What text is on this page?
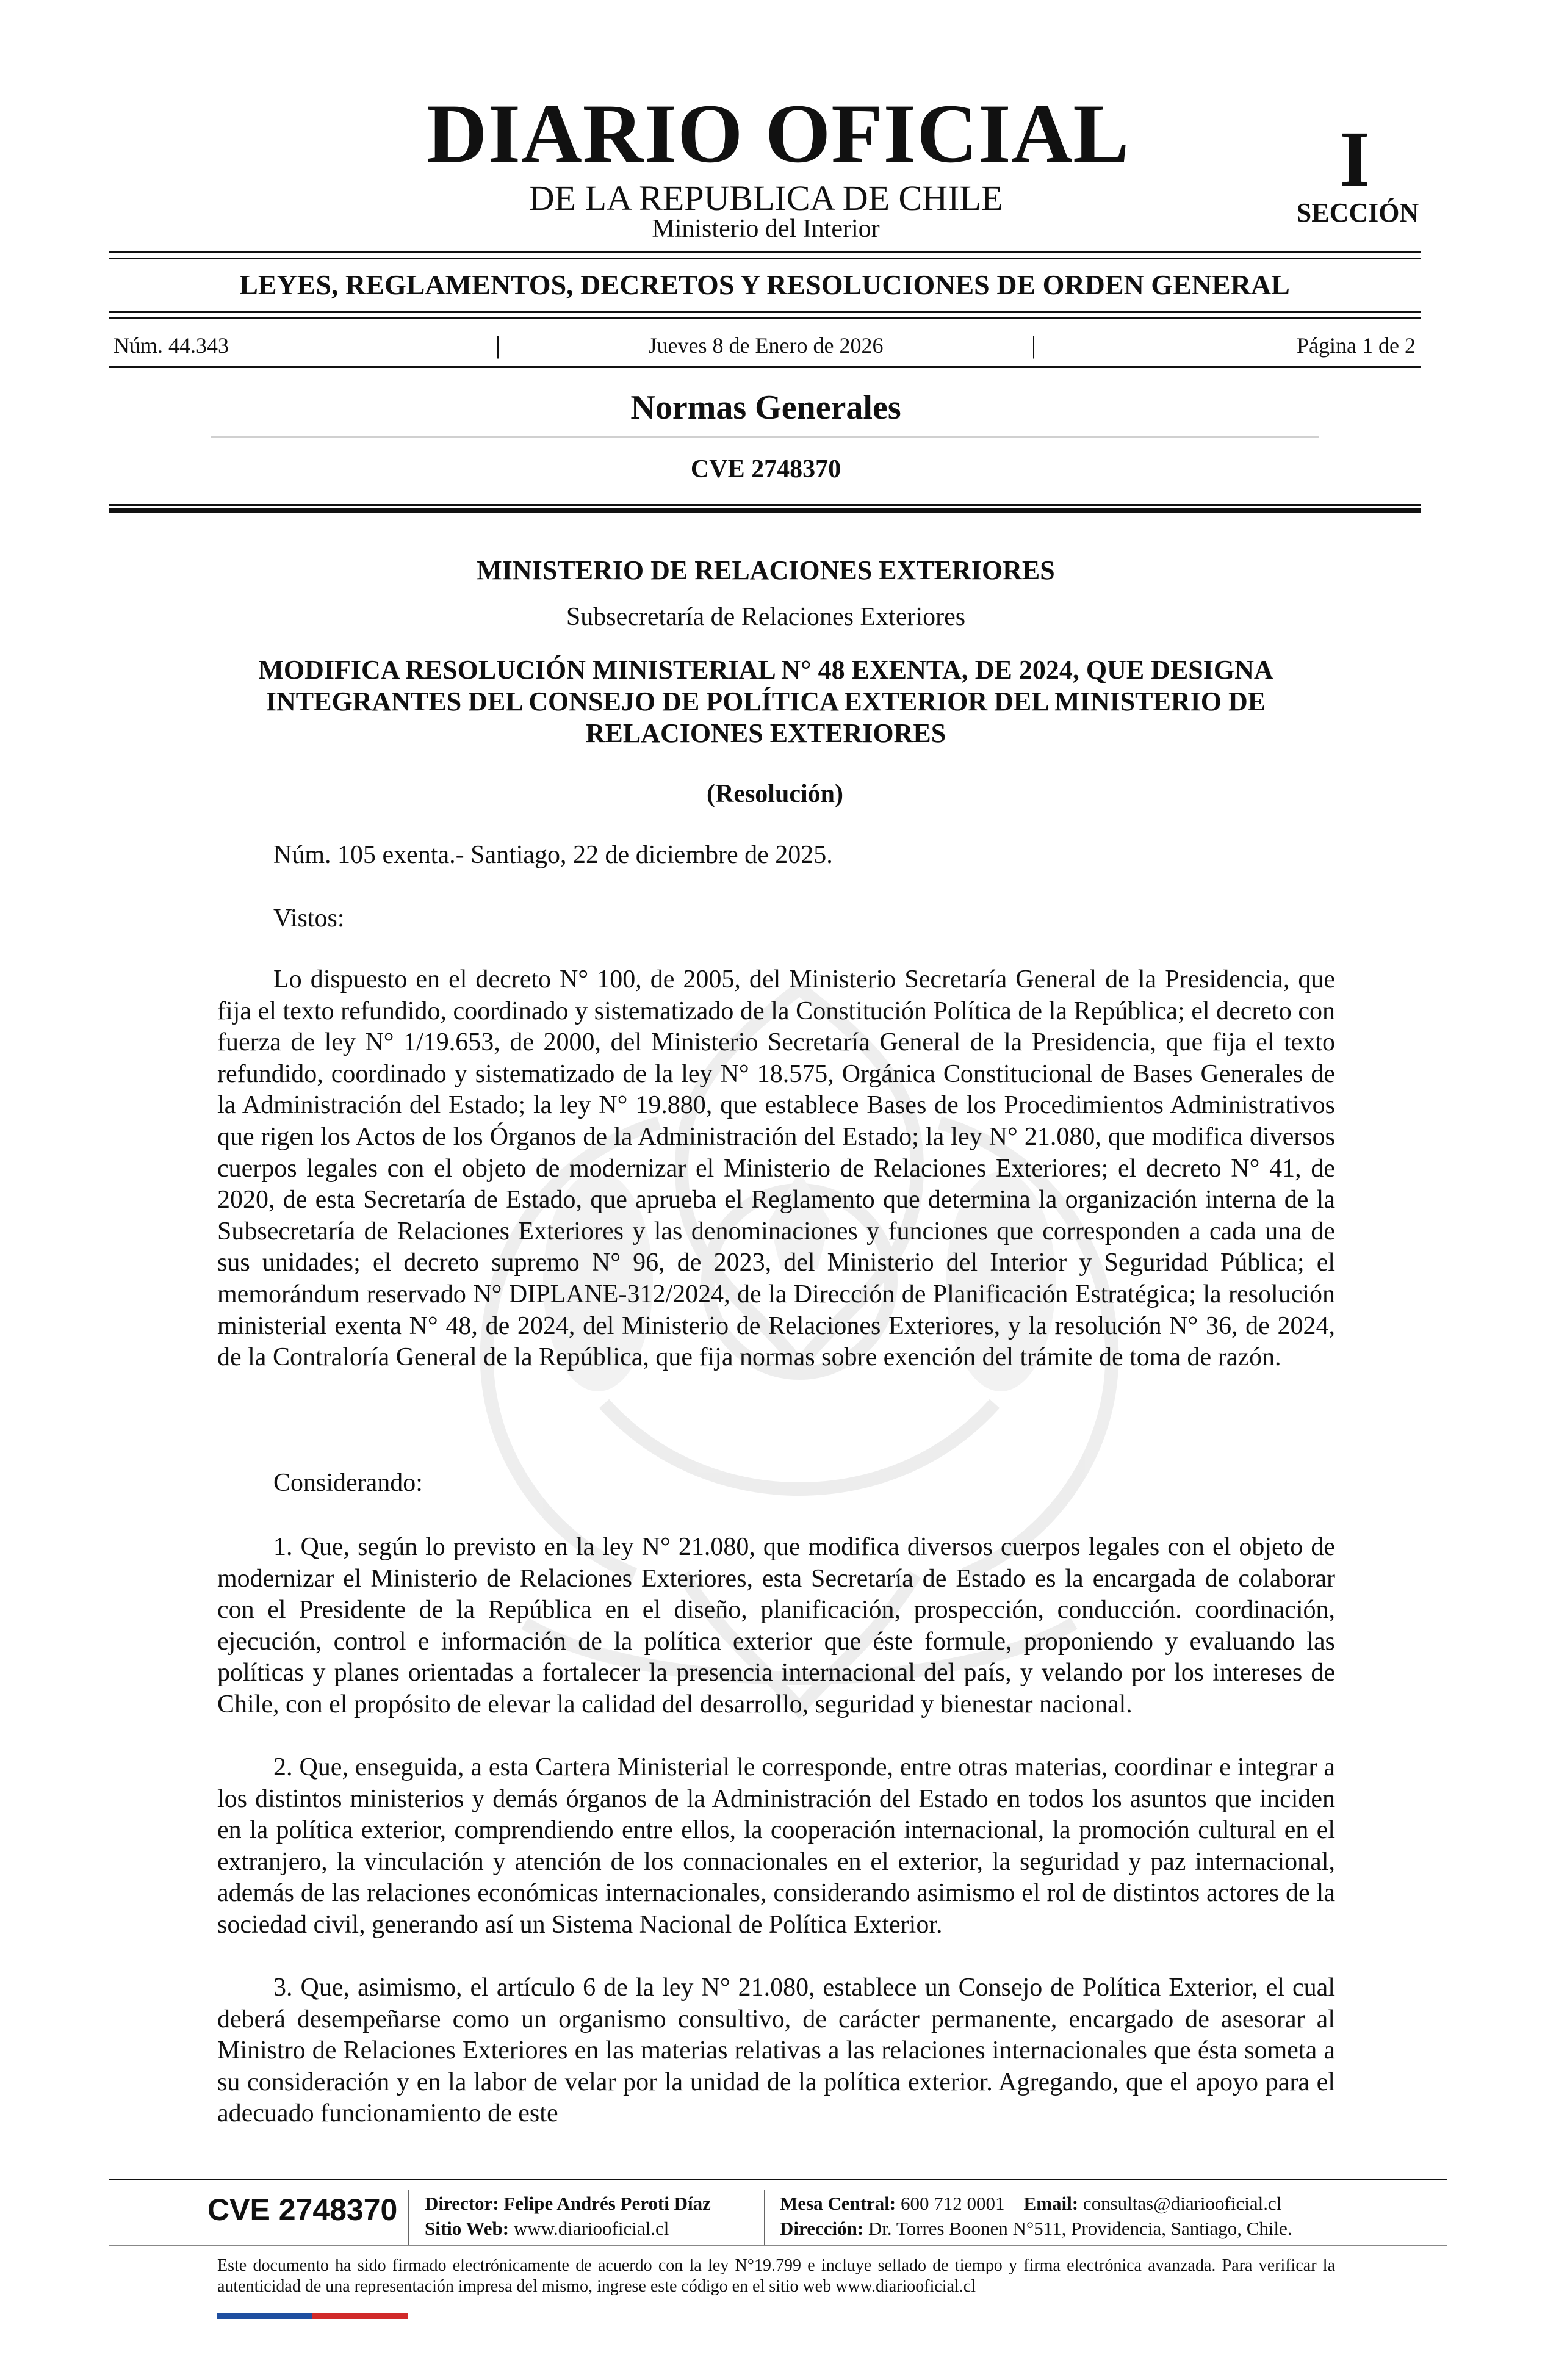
DIARIO OFICIAL
DE LA REPUBLICA DE CHILE
Ministerio del Interior
I
SECCIÓN
LEYES, REGLAMENTOS, DECRETOS Y RESOLUCIONES DE ORDEN GENERAL
Núm. 44.343	|	Jueves 8 de Enero de 2026	|	Página 1 de 2
Normas Generales
CVE 2748370
MINISTERIO DE RELACIONES EXTERIORES
Subsecretaría de Relaciones Exteriores
MODIFICA RESOLUCIÓN MINISTERIAL N° 48 EXENTA, DE 2024, QUE DESIGNA INTEGRANTES DEL CONSEJO DE POLÍTICA EXTERIOR DEL MINISTERIO DE RELACIONES EXTERIORES
(Resolución)
Núm. 105 exenta.- Santiago, 22 de diciembre de 2025.
Vistos:
Lo dispuesto en el decreto N° 100, de 2005, del Ministerio Secretaría General de la Presidencia, que fija el texto refundido, coordinado y sistematizado de la Constitución Política de la República; el decreto con fuerza de ley N° 1/19.653, de 2000, del Ministerio Secretaría General de la Presidencia, que fija el texto refundido, coordinado y sistematizado de la ley N° 18.575, Orgánica Constitucional de Bases Generales de la Administración del Estado; la ley N° 19.880, que establece Bases de los Procedimientos Administrativos que rigen los Actos de los Órganos de la Administración del Estado; la ley N° 21.080, que modifica diversos cuerpos legales con el objeto de modernizar el Ministerio de Relaciones Exteriores; el decreto N° 41, de 2020, de esta Secretaría de Estado, que aprueba el Reglamento que determina la organización interna de la Subsecretaría de Relaciones Exteriores y las denominaciones y funciones que corresponden a cada una de sus unidades; el decreto supremo N° 96, de 2023, del Ministerio del Interior y Seguridad Pública; el memorándum reservado N° DIPLANE-312/2024, de la Dirección de Planificación Estratégica; la resolución ministerial exenta N° 48, de 2024, del Ministerio de Relaciones Exteriores, y la resolución N° 36, de 2024, de la Contraloría General de la República, que fija normas sobre exención del trámite de toma de razón.
Considerando:
1. Que, según lo previsto en la ley N° 21.080, que modifica diversos cuerpos legales con el objeto de modernizar el Ministerio de Relaciones Exteriores, esta Secretaría de Estado es la encargada de colaborar con el Presidente de la República en el diseño, planificación, prospección, conducción. coordinación, ejecución, control e información de la política exterior que éste formule, proponiendo y evaluando las políticas y planes orientadas a fortalecer la presencia internacional del país, y velando por los intereses de Chile, con el propósito de elevar la calidad del desarrollo, seguridad y bienestar nacional.
2. Que, enseguida, a esta Cartera Ministerial le corresponde, entre otras materias, coordinar e integrar a los distintos ministerios y demás órganos de la Administración del Estado en todos los asuntos que inciden en la política exterior, comprendiendo entre ellos, la cooperación internacional, la promoción cultural en el extranjero, la vinculación y atención de los connacionales en el exterior, la seguridad y paz internacional, además de las relaciones económicas internacionales, considerando asimismo el rol de distintos actores de la sociedad civil, generando así un Sistema Nacional de Política Exterior.
3. Que, asimismo, el artículo 6 de la ley N° 21.080, establece un Consejo de Política Exterior, el cual deberá desempeñarse como un organismo consultivo, de carácter permanente, encargado de asesorar al Ministro de Relaciones Exteriores en las materias relativas a las relaciones internacionales que ésta someta a su consideración y en la labor de velar por la unidad de la política exterior. Agregando, que el apoyo para el adecuado funcionamiento de este
CVE 2748370 Director: Felipe Andrés Peroti Díaz
Sitio Web: www.diariooficial.cl
Mesa Central: 600 712 0001 Email: consultas@diariooficial.cl
Dirección: Dr. Torres Boonen N°511, Providencia, Santiago, Chile.
Este documento ha sido firmado electrónicamente de acuerdo con la ley N°19.799 e incluye sellado de tiempo y firma electrónica avanzada. Para verificar la autenticidad de una representación impresa del mismo, ingrese este código en el sitio web www.diariooficial.cl
